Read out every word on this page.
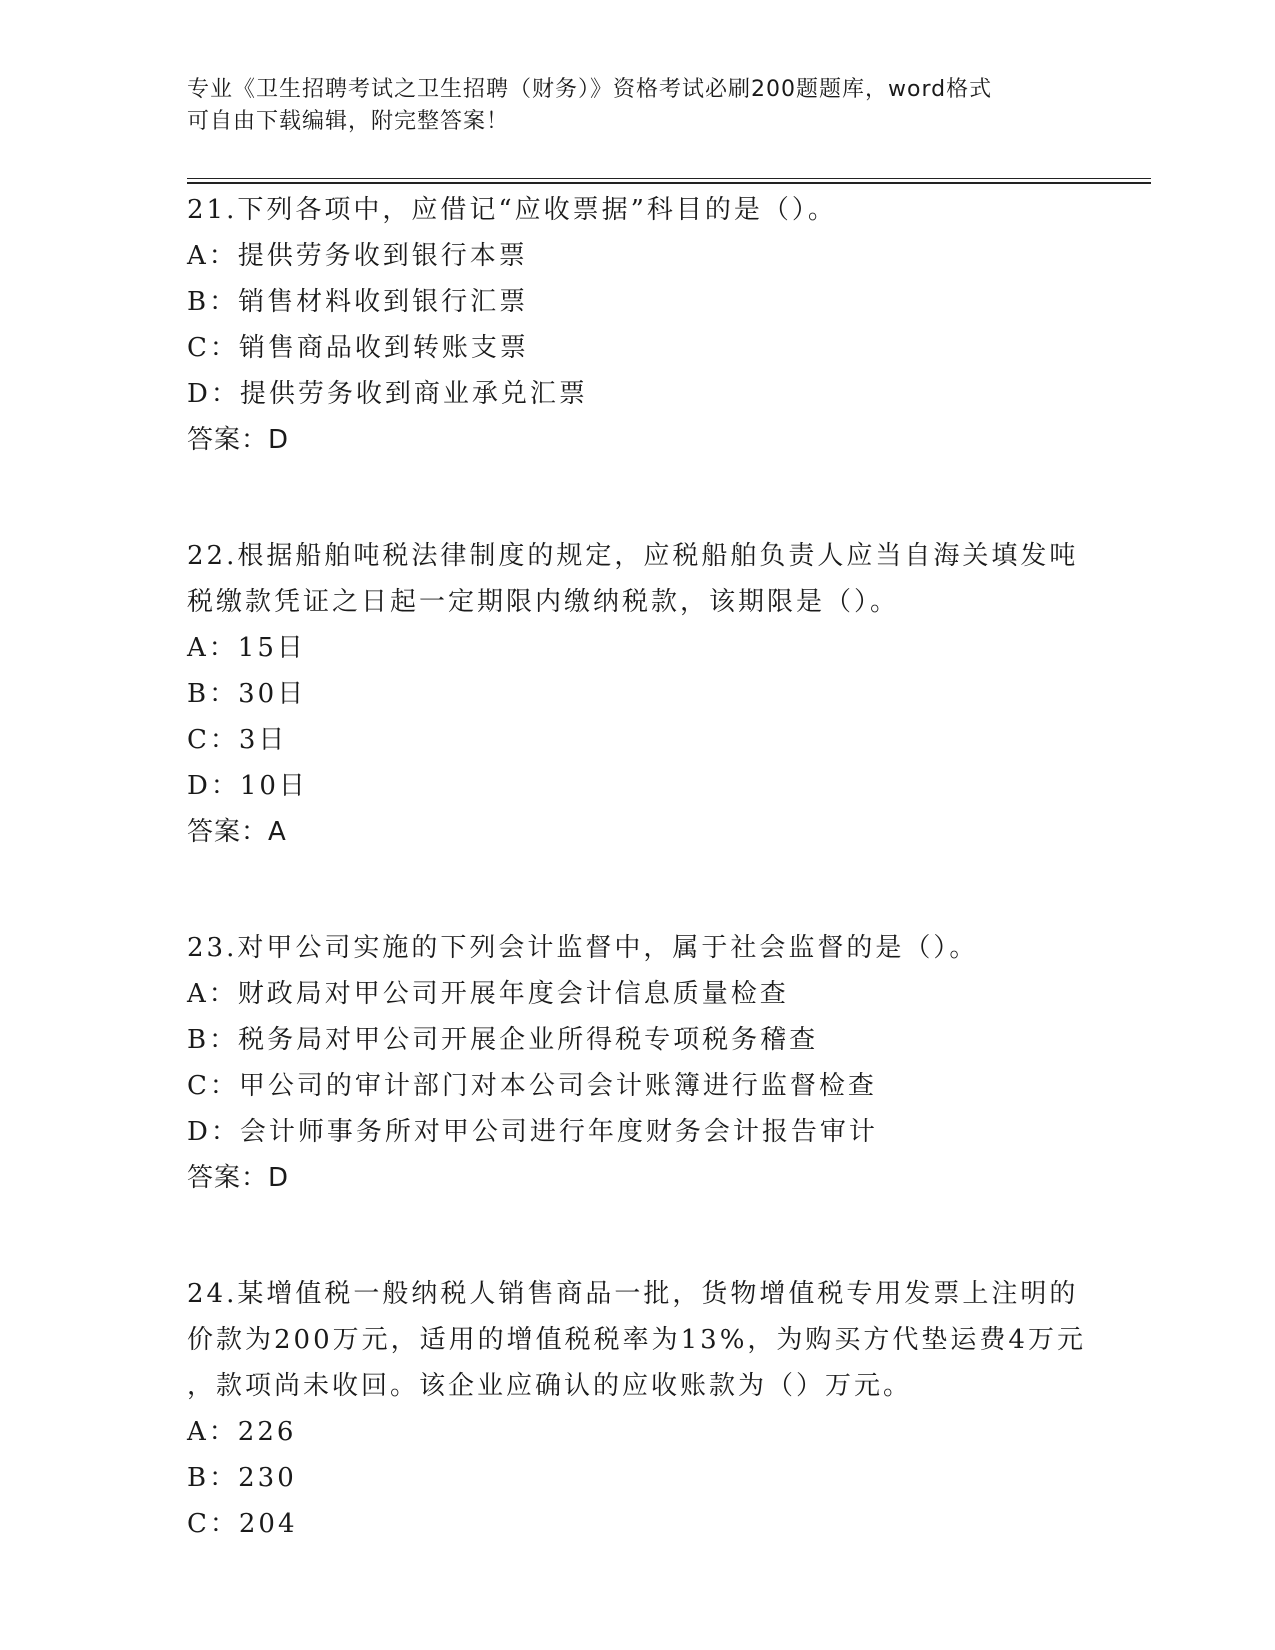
专业《卫生招聘考试之卫生招聘（财务）》资格考试必刷200题题库，word格式
可自由下载编辑，附完整答案！
21.下列各项中，应借记“应收票据”科目的是（）。
A：提供劳务收到银行本票
B：销售材料收到银行汇票
C：销售商品收到转账支票
D：提供劳务收到商业承兑汇票
答案：D
22.根据船舶吨税法律制度的规定，应税船舶负责人应当自海关填发吨
税缴款凭证之日起一定期限内缴纳税款，该期限是（）。
A：15日
B：30日
C：3日
D：10日
答案：A
23.对甲公司实施的下列会计监督中，属于社会监督的是（）。
A：财政局对甲公司开展年度会计信息质量检查
B：税务局对甲公司开展企业所得税专项税务稽查
C：甲公司的审计部门对本公司会计账簿进行监督检查
D：会计师事务所对甲公司进行年度财务会计报告审计
答案：D
24.某增值税一般纳税人销售商品一批，货物增值税专用发票上注明的
价款为200万元，适用的增值税税率为13%，为购买方代垫运费4万元
，款项尚未收回。该企业应确认的应收账款为（）万元。
A：226
B：230
C：204
